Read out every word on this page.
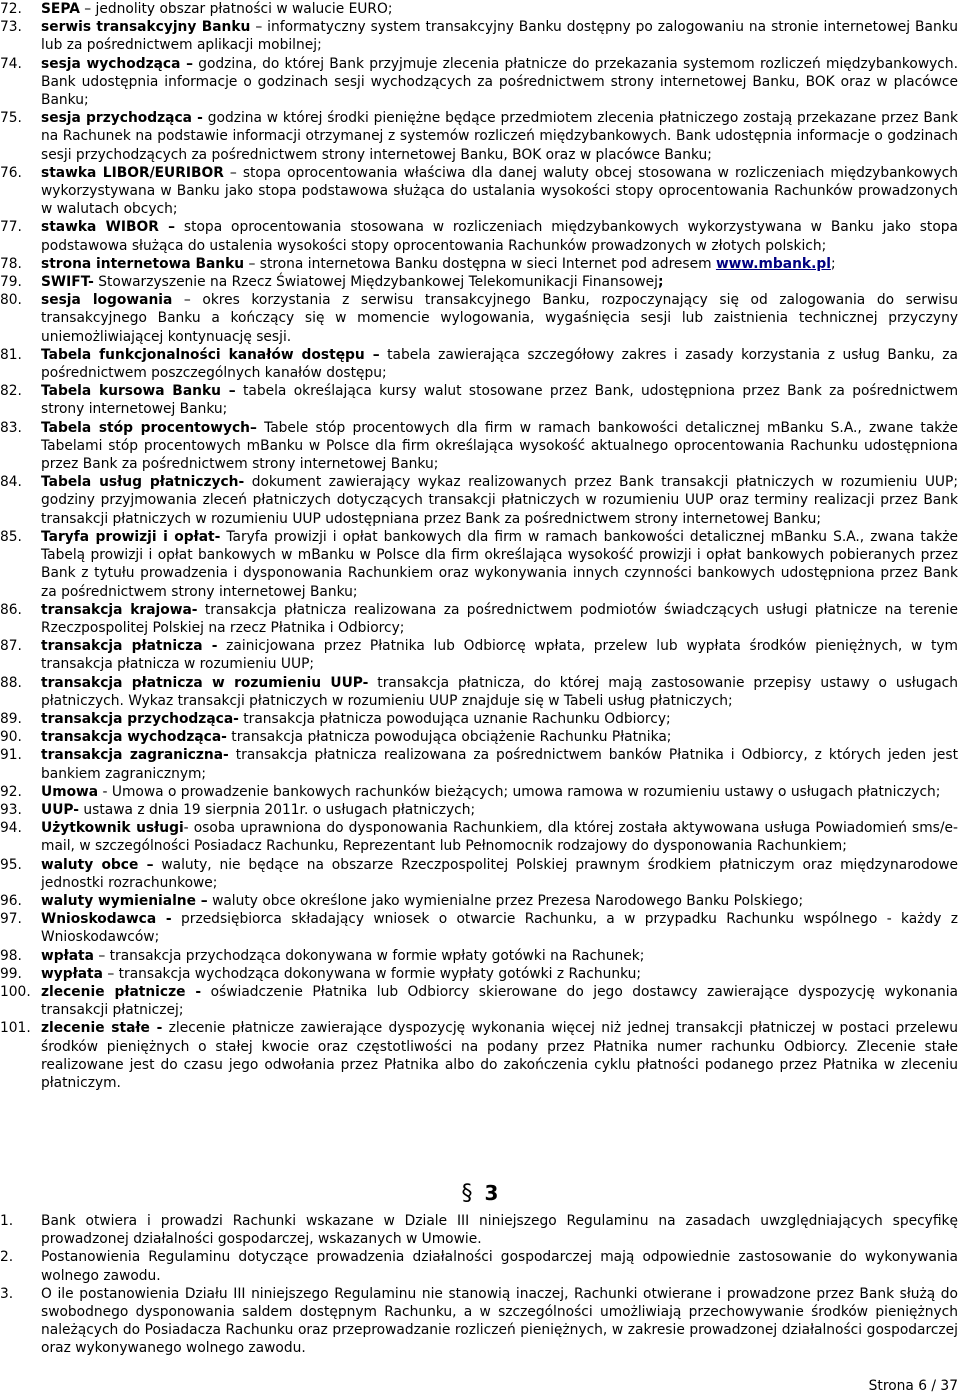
72.	SEPA – jednolity obszar płatności w walucie EURO;
73.	serwis transakcyjny Banku – informatyczny system transakcyjny Banku dostępny po zalogowaniu na stronie internetowej Banku lub za pośrednictwem aplikacji mobilnej;
74.	sesja wychodząca – godzina, do której Bank przyjmuje zlecenia płatnicze do przekazania systemom rozliczeń międzybankowych. Bank udostępnia informacje o godzinach sesji wychodzących za pośrednictwem strony internetowej Banku, BOK oraz w placówce Banku;
75.	sesja przychodząca - godzina w której środki pieniężne będące przedmiotem zlecenia płatniczego zostają przekazane przez Bank na Rachunek na podstawie informacji otrzymanej z systemów rozliczeń międzybankowych. Bank udostępnia informacje o godzinach sesji przychodzących za pośrednictwem strony internetowej Banku, BOK oraz w placówce Banku;
76.	stawka LIBOR/EURIBOR – stopa oprocentowania właściwa dla danej waluty obcej stosowana w rozliczeniach międzybankowych wykorzystywana w Banku jako stopa podstawowa służąca do ustalania wysokości stopy oprocentowania Rachunków prowadzonych w walutach obcych;
77.	stawka WIBOR – stopa oprocentowania stosowana w rozliczeniach międzybankowych wykorzystywana w Banku jako stopa podstawowa służąca do ustalenia wysokości stopy oprocentowania Rachunków prowadzonych w złotych polskich;
78.	strona internetowa Banku – strona internetowa Banku dostępna w sieci Internet pod adresem www.mbank.pl;
79.	SWIFT- Stowarzyszenie na Rzecz Światowej Międzybankowej Telekomunikacji Finansowej;
80.	sesja logowania – okres korzystania z serwisu transakcyjnego Banku, rozpoczynający się od zalogowania do serwisu transakcyjnego Banku a kończący się w momencie wylogowania, wygaśnięcia sesji lub zaistnienia technicznej przyczyny uniemożliwiającej kontynuację sesji.
81.	Tabela funkcjonalności kanałów dostępu – tabela zawierająca szczegółowy zakres i zasady korzystania z usług Banku, za pośrednictwem poszczególnych kanałów dostępu;
82.	Tabela kursowa Banku – tabela określająca kursy walut stosowane przez Bank, udostępniona przez Bank za pośrednictwem strony internetowej Banku;
83.	Tabela stóp procentowych– Tabele stóp procentowych dla firm w ramach bankowości detalicznej mBanku S.A., zwane także Tabelami stóp procentowych mBanku w Polsce dla firm określająca wysokość aktualnego oprocentowania Rachunku udostępniona przez Bank za pośrednictwem strony internetowej Banku;
84.	Tabela usług płatniczych- dokument zawierający wykaz realizowanych przez Bank transakcji płatniczych w rozumieniu UUP; godziny przyjmowania zleceń płatniczych dotyczących transakcji płatniczych w rozumieniu UUP oraz terminy realizacji przez Bank transakcji płatniczych w rozumieniu UUP udostępniana przez Bank za pośrednictwem strony internetowej Banku;
85.	Taryfa prowizji i opłat- Taryfa prowizji i opłat bankowych dla firm w ramach bankowości detalicznej mBanku S.A., zwana także Tabelą prowizji i opłat bankowych w mBanku w Polsce dla firm określająca wysokość prowizji i opłat bankowych pobieranych przez Bank z tytułu prowadzenia i dysponowania Rachunkiem oraz wykonywania innych czynności bankowych udostępniona przez Bank za pośrednictwem strony internetowej Banku;
86.	transakcja krajowa- transakcja płatnicza realizowana za pośrednictwem podmiotów świadczących usługi płatnicze na terenie Rzeczpospolitej Polskiej na rzecz Płatnika i Odbiorcy;
87.	transakcja płatnicza - zainicjowana przez Płatnika lub Odbiorcę wpłata, przelew lub wypłata środków pieniężnych, w tym transakcja płatnicza w rozumieniu UUP;
88.	transakcja płatnicza w rozumieniu UUP- transakcja płatnicza, do której mają zastosowanie przepisy ustawy o usługach płatniczych. Wykaz transakcji płatniczych w rozumieniu UUP znajduje się w Tabeli usług płatniczych;
89.	transakcja przychodząca- transakcja płatnicza powodująca uznanie Rachunku Odbiorcy;
90.	transakcja wychodząca- transakcja płatnicza powodująca obciążenie Rachunku Płatnika;
91.	transakcja zagraniczna- transakcja płatnicza realizowana za pośrednictwem banków Płatnika i Odbiorcy, z których jeden jest bankiem zagranicznym;
92.	Umowa - Umowa o prowadzenie bankowych rachunków bieżących; umowa ramowa w rozumieniu ustawy o usługach płatniczych;
93.	UUP- ustawa z dnia 19 sierpnia 2011r. o usługach płatniczych;
94.	Użytkownik usługi- osoba uprawniona do dysponowania Rachunkiem, dla której została aktywowana usługa Powiadomień sms/e-mail, w szczególności Posiadacz Rachunku, Reprezentant lub Pełnomocnik rodzajowy do dysponowania Rachunkiem;
95.	waluty obce – waluty, nie będące na obszarze Rzeczpospolitej Polskiej prawnym środkiem płatniczym oraz międzynarodowe jednostki rozrachunkowe;
96.	waluty wymienialne – waluty obce określone jako wymienialne przez Prezesa Narodowego Banku Polskiego;
97.	Wnioskodawca - przedsiębiorca składający wniosek o otwarcie Rachunku, a w przypadku Rachunku wspólnego - każdy z Wnioskodawców;
98.	wpłata – transakcja przychodząca dokonywana w formie wpłaty gotówki na Rachunek;
99.	wypłata – transakcja wychodząca dokonywana w formie wypłaty gotówki z Rachunku;
100. zlecenie płatnicze - oświadczenie Płatnika lub Odbiorcy skierowane do jego dostawcy zawierające dyspozycję wykonania transakcji płatniczej;
101. zlecenie stałe - zlecenie płatnicze zawierające dyspozycję wykonania więcej niż jednej transakcji płatniczej w postaci przelewu środków pieniężnych o stałej kwocie oraz częstotliwości na podany przez Płatnika numer rachunku Odbiorcy. Zlecenie stałe realizowane jest do czasu jego odwołania przez Płatnika albo do zakończenia cyklu płatności podanego przez Płatnika w zleceniu płatniczym.
§ 3
1.	Bank otwiera i prowadzi Rachunki wskazane w Dziale III niniejszego Regulaminu na zasadach uwzględniających specyfikę prowadzonej działalności gospodarczej, wskazanych w Umowie.
2.	Postanowienia Regulaminu dotyczące prowadzenia działalności gospodarczej mają odpowiednie zastosowanie do wykonywania wolnego zawodu.
3.	O ile postanowienia Działu III niniejszego Regulaminu nie stanowią inaczej, Rachunki otwierane i prowadzone przez Bank służą do swobodnego dysponowania saldem dostępnym Rachunku, a w szczególności umożliwiają przechowywanie środków pieniężnych należących do Posiadacza Rachunku oraz przeprowadzanie rozliczeń pieniężnych, w zakresie prowadzonej działalności gospodarczej oraz wykonywanego wolnego zawodu.
Strona 6 / 37
